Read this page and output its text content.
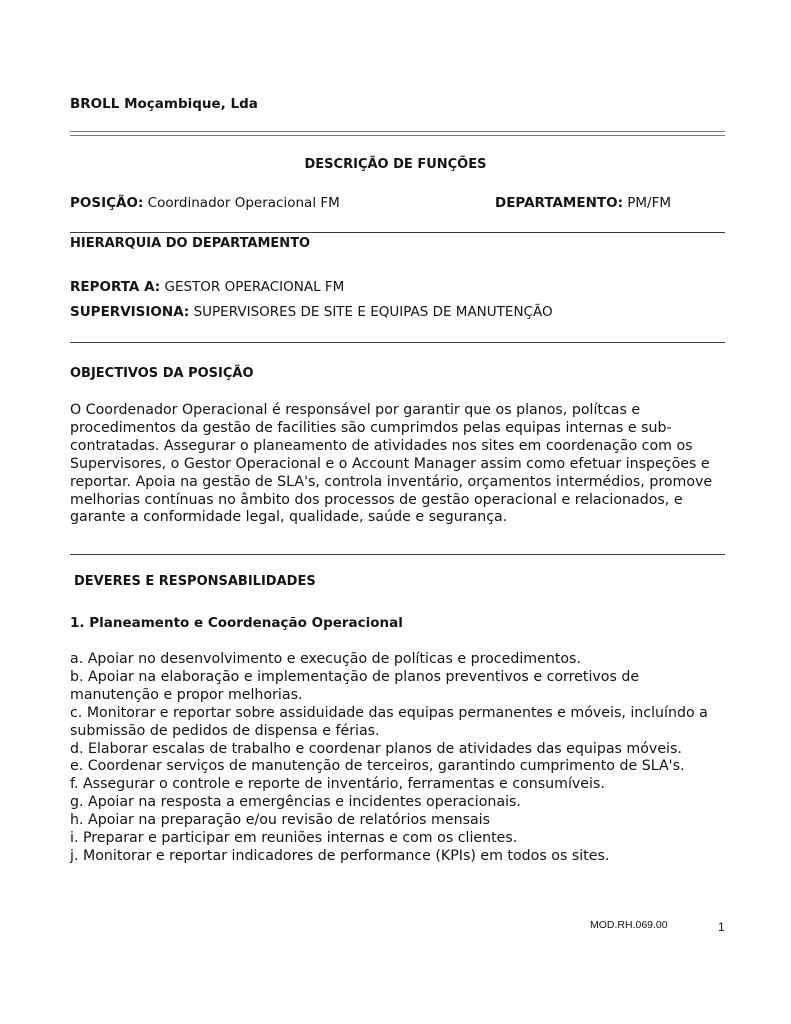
BROLL Moçambique, Lda
DESCRIÇÃO DE FUNÇÕES
POSIÇÃO: Coordinador Operacional FM	DEPARTAMENTO: PM/FM
HIERARQUIA DO DEPARTAMENTO
REPORTA A: GESTOR OPERACIONAL FM
SUPERVISIONA: SUPERVISORES DE SITE E EQUIPAS DE MANUTENÇÃO
OBJECTIVOS DA POSIÇÃO
O Coordenador Operacional é responsável por garantir que os planos, polítcas e procedimentos da gestão de facilities são cumprimdos pelas equipas internas e sub-contratadas. Assegurar o planeamento de atividades nos sites em coordenação com os Supervisores, o Gestor Operacional e o Account Manager assim como efetuar inspeções e reportar. Apoia na gestão de SLA's, controla inventário, orçamentos intermédios, promove melhorias contínuas no âmbito dos processos de gestão operacional e relacionados, e garante a conformidade legal, qualidade, saúde e segurança.
DEVERES E RESPONSABILIDADES
1. Planeamento e Coordenação Operacional
a. Apoiar no desenvolvimento e execução de políticas e procedimentos.
b. Apoiar na elaboração e implementação de planos preventivos e corretivos de manutenção e propor melhorias.
c. Monitorar e reportar sobre assiduidade das equipas permanentes e móveis, incluíndo a submissão de pedidos de dispensa e férias.
d. Elaborar escalas de trabalho e coordenar planos de atividades das equipas móveis.
e. Coordenar serviços de manutenção de terceiros, garantindo cumprimento de SLA's.
f. Assegurar o controle e reporte de inventário, ferramentas e consumíveis.
g. Apoiar na resposta a emergências e incidentes operacionais.
h. Apoiar na preparação e/ou revisão de relatórios mensais
i. Preparar e participar em reuniões internas e com os clientes.
j. Monitorar e reportar indicadores de performance (KPIs) em todos os sites.
MOD.RH.069.00	1
